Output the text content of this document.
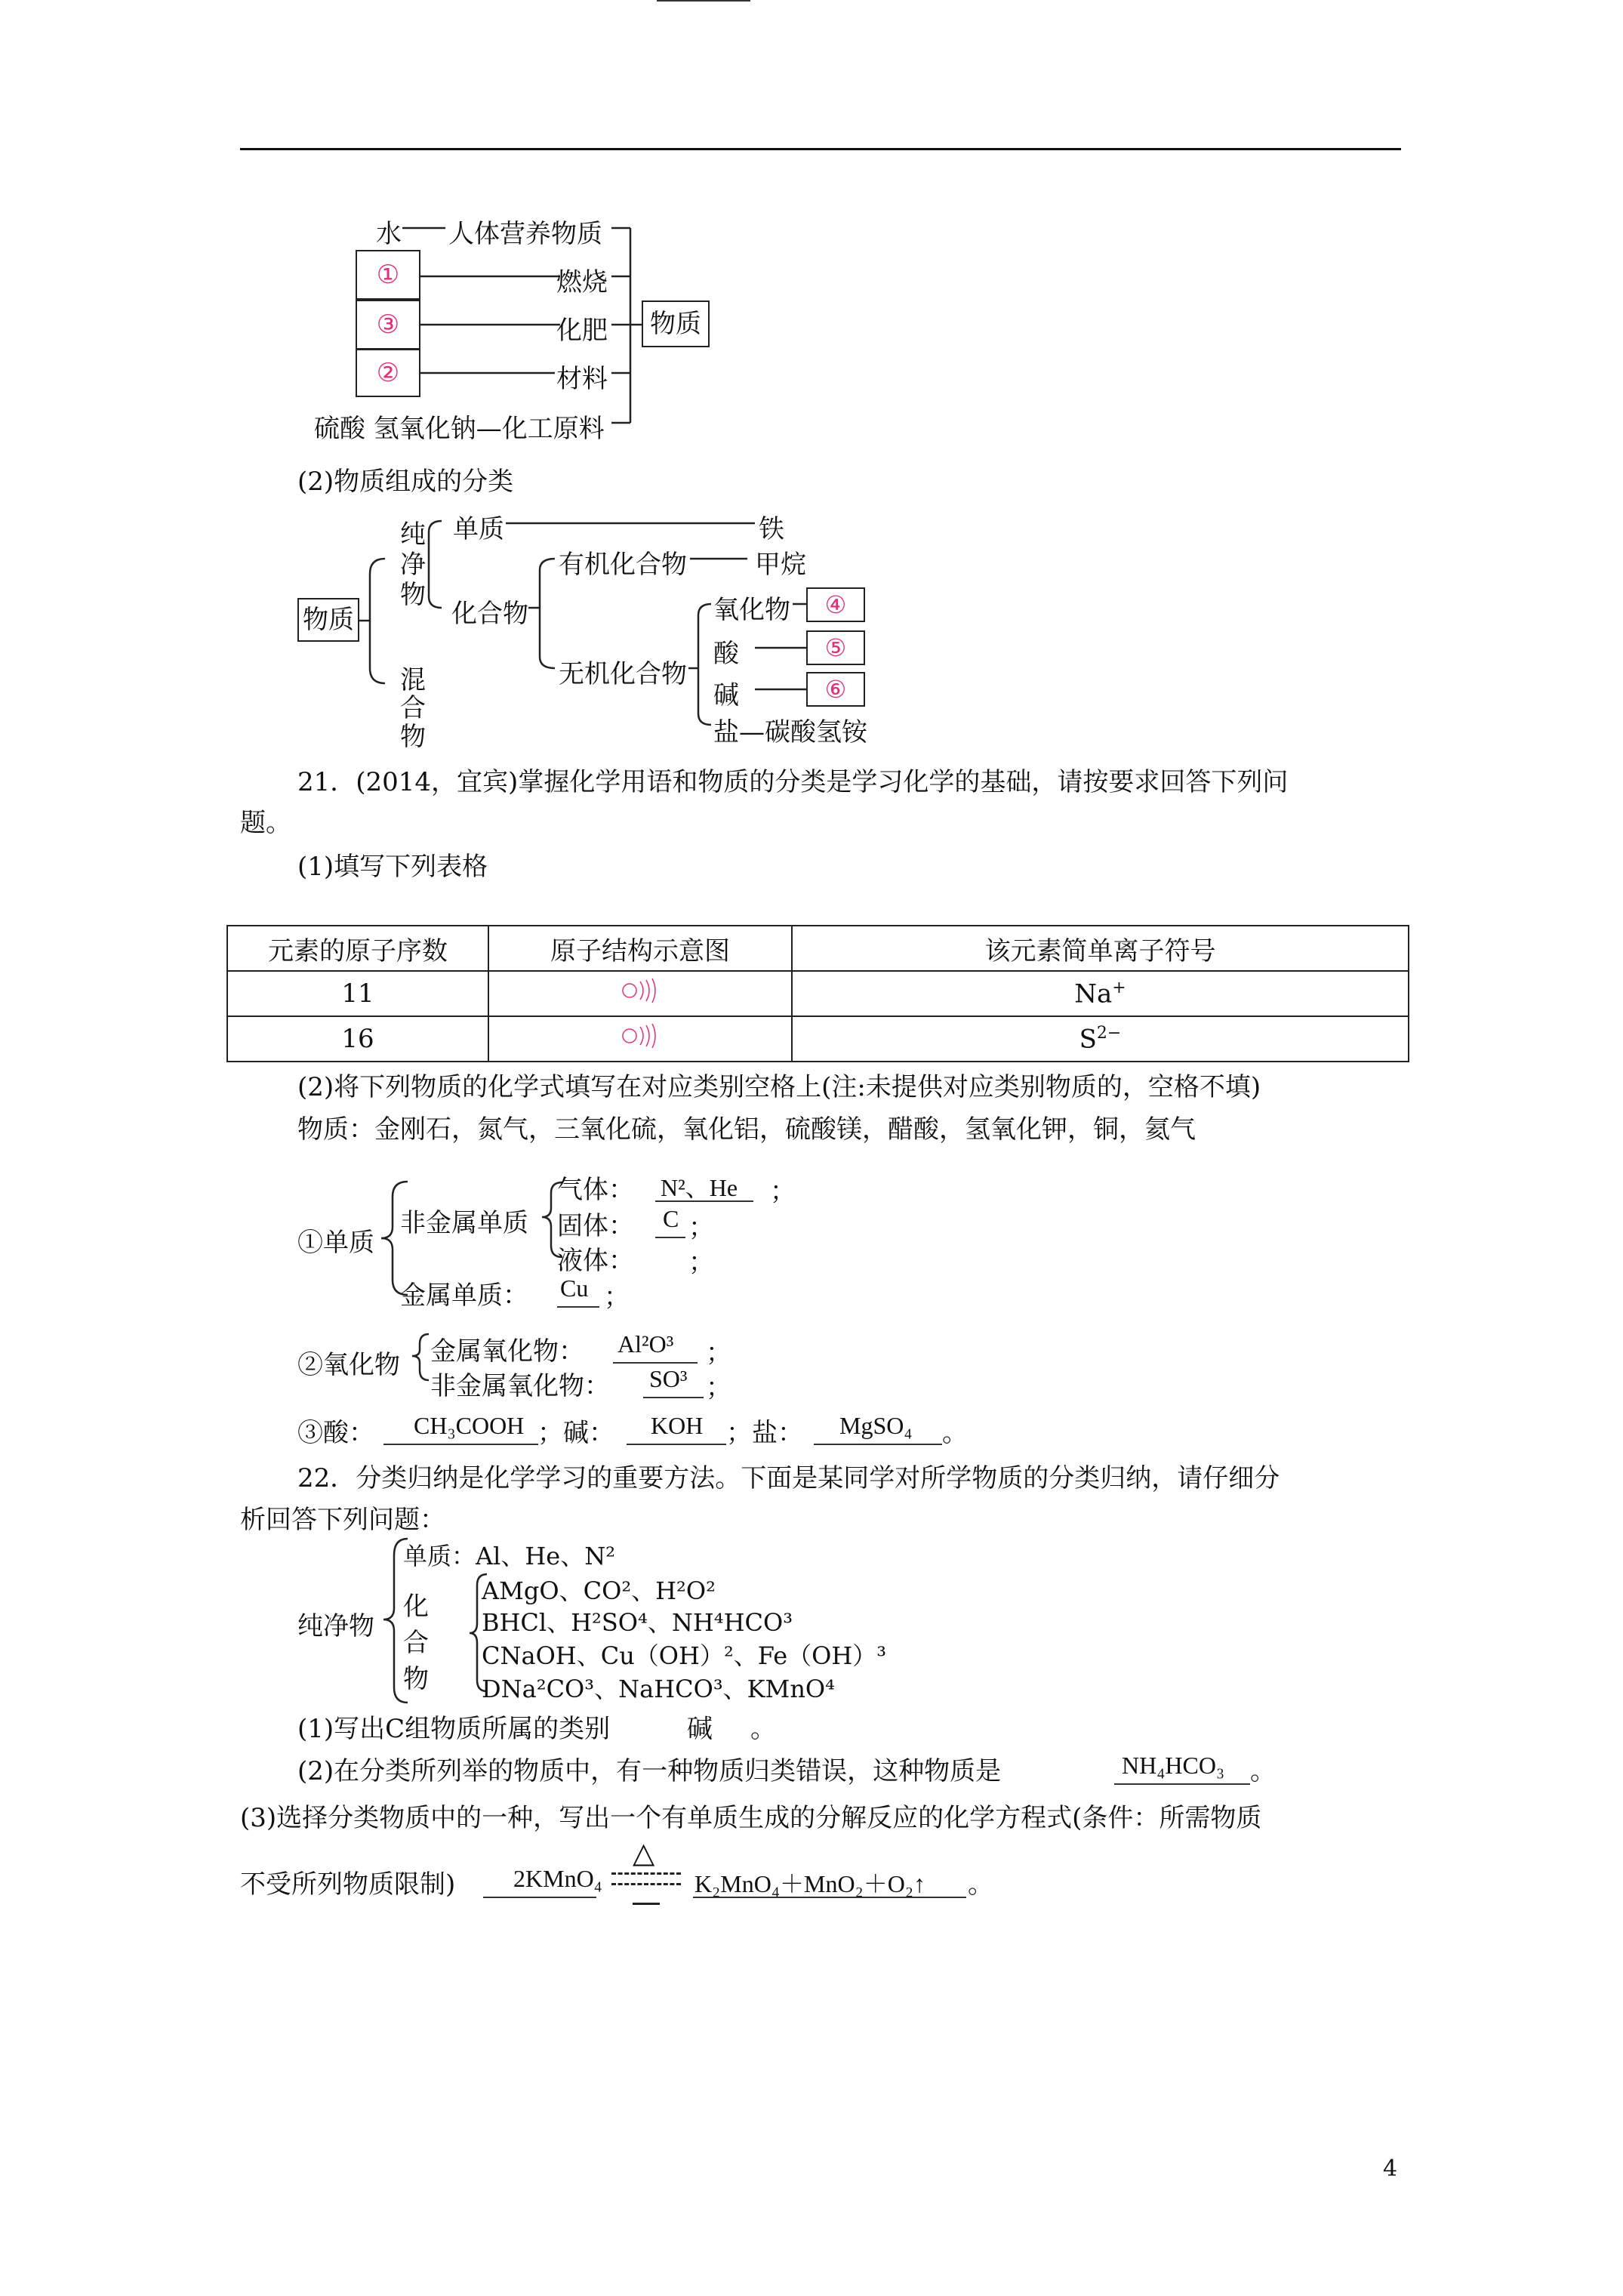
水 人体营养物质
①
③
②
燃烧
化肥
材料
硫酸 氢氧化钠—化工原料
物质
(2)物质组成的分类
物质
纯
净
物
单质	铁
化合物
有机化合物	甲烷
无机化合物
氧化物
酸
碱
盐—碳酸氢铵
④
⑤
⑥
混
合
物
21．(2014，宜宾)掌握化学用语和物质的分类是学习化学的基础，请按要求回答下列问
题。
(1)填写下列表格
元素的原子序数	原子结构示意图	该元素简单离子符号
11		Na+
16		$S^{2-}$
(2)将下列物质的化学式填写在对应类别空格上(注:未提供对应类别物质的，空格不填)
物质：金刚石，氮气，三氧化硫，氧化铝，硫酸镁，醋酸，氢氧化钾，铜，氦气
①单质
非金属单质
气体： N²、He ；
固体： C ；
液体： ；
金属单质： Cu ；
②氧化物 金属氧化物： Al²O³ ；
非金属氧化物： SO³ ；
③酸： CH₃COOH ；碱： KOH ；盐： MgSO₄ 。
22．分类归纳是化学学习的重要方法。下面是某同学对所学物质的分类归纳，请仔细分
析回答下列问题：
单质：Al、He、N²
纯净物
化
合
物
AMgO、CO²、H²O²
BHCl、H²SO⁴、NH⁴HCO³
CNaOH、Cu（OH）²、Fe（OH）³
DNa²CO³、NaHCO³、KMnO⁴
(1)写出C组物质所属的类别	碱 。
(2)在分类所列举的物质中，有一种物质归类错误，这种物质是	NH₄HCO₃ 。
(3)选择分类物质中的一种，写出一个有单质生成的分解反应的化学方程式(条件：所需物质
不受所列物质限制) 2KMnO₄
△
K₂MnO₄＋MnO₂＋O₂↑ 。
4
